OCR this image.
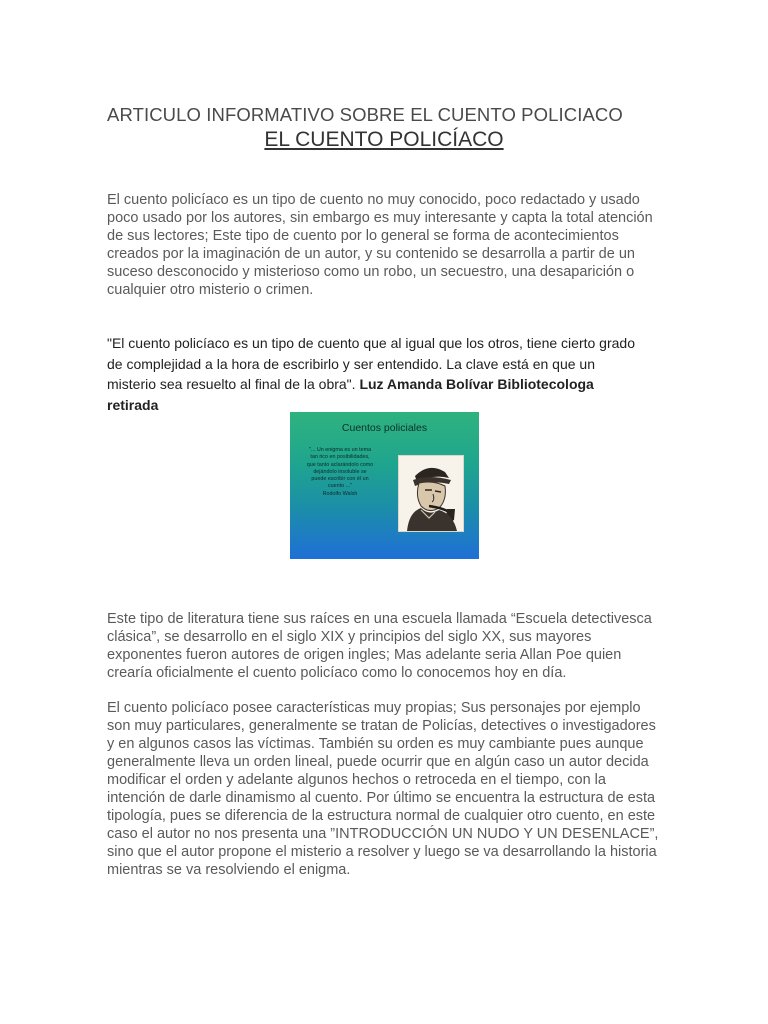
ARTICULO INFORMATIVO SOBRE EL CUENTO POLICIACO
EL CUENTO POLICÍACO
El cuento policíaco es un tipo de cuento no muy conocido, poco redactado y usado poco usado por los autores, sin embargo es muy interesante y capta la total atención de sus lectores; Este tipo de cuento por lo general se forma de acontecimientos creados por la imaginación de un autor, y su contenido se desarrolla a partir de un suceso desconocido y misterioso como un robo, un secuestro, una desaparición o cualquier otro misterio o crimen.
"El cuento policíaco es un tipo de cuento que al igual que los otros, tiene cierto grado de complejidad a la hora de escribirlo y ser entendido. La clave está en que un misterio sea resuelto al final de la obra". Luz Amanda Bolívar Bibliotecologa retirada
Cuentos policiales
"... Un enigma es un tema tan rico en posibilidades, que tanto aclarándolo como dejándolo insoluble se puede escribir con él un cuento ..."
Rodolfo Walsh
Este tipo de literatura tiene sus raíces en una escuela llamada “Escuela detectivesca clásica”, se desarrollo en el siglo XIX y principios del siglo XX, sus mayores exponentes fueron autores de origen ingles; Mas adelante seria Allan Poe quien crearía oficialmente el cuento policíaco como lo conocemos hoy en día.
El cuento policíaco posee características muy propias; Sus personajes por ejemplo son muy particulares, generalmente se tratan de Policías, detectives o investigadores y en algunos casos las víctimas. También su orden es muy cambiante pues aunque generalmente lleva un orden lineal, puede ocurrir que en algún caso un autor decida modificar el orden y adelante algunos hechos o retroceda en el tiempo, con la intención de darle dinamismo al cuento. Por último se encuentra la estructura de esta tipología, pues se diferencia de la estructura normal de cualquier otro cuento, en este caso el autor no nos presenta una ”INTRODUCCIÓN UN NUDO Y UN DESENLACE”, sino que el autor propone el misterio a resolver y luego se va desarrollando la historia mientras se va resolviendo el enigma.
